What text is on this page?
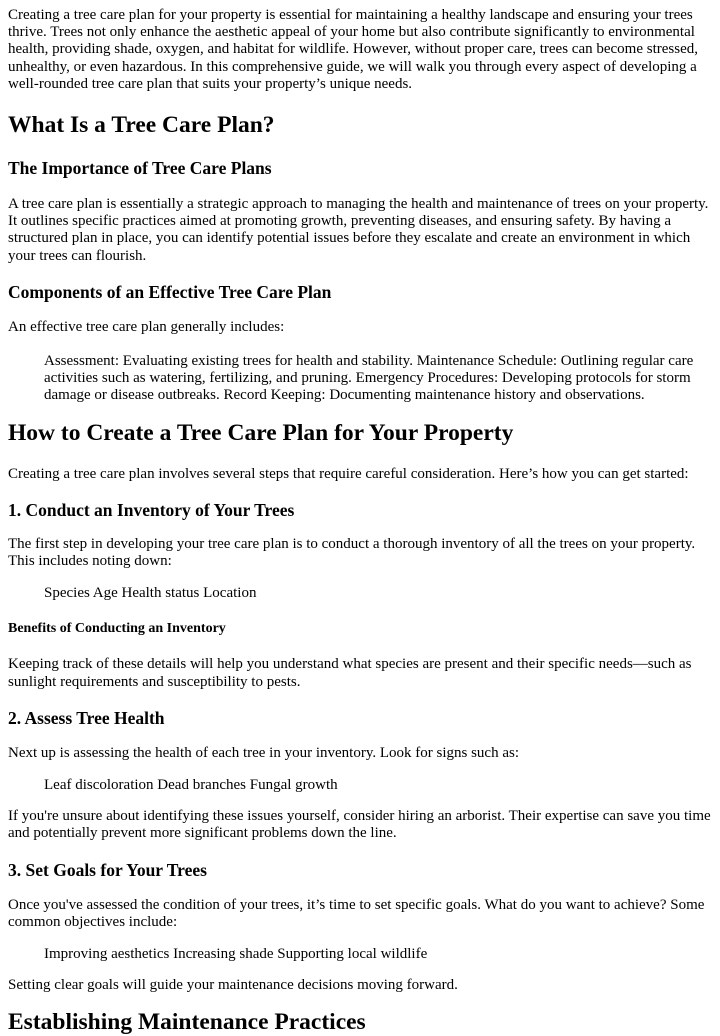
Creating a tree care plan for your property is essential for maintaining a healthy landscape and ensuring your trees thrive. Trees not only enhance the aesthetic appeal of your home but also contribute significantly to environmental health, providing shade, oxygen, and habitat for wildlife. However, without proper care, trees can become stressed, unhealthy, or even hazardous. In this comprehensive guide, we will walk you through every aspect of developing a well-rounded tree care plan that suits your property’s unique needs.

What Is a Tree Care Plan?
The Importance of Tree Care Plans

A tree care plan is essentially a strategic approach to managing the health and maintenance of trees on your property. It outlines specific practices aimed at promoting growth, preventing diseases, and ensuring safety. By having a structured plan in place, you can identify potential issues before they escalate and create an environment in which your trees can flourish.

Components of an Effective Tree Care Plan

An effective tree care plan generally includes:

Assessment: Evaluating existing trees for health and stability. Maintenance Schedule: Outlining regular care activities such as watering, fertilizing, and pruning. Emergency Procedures: Developing protocols for storm damage or disease outbreaks. Record Keeping: Documenting maintenance history and observations.
How to Create a Tree Care Plan for Your Property

Creating a tree care plan involves several steps that require careful consideration. Here’s how you can get started:

1. Conduct an Inventory of Your Trees

The first step in developing your tree care plan is to conduct a thorough inventory of all the trees on your property. This includes noting down:

Species Age Health status Location
Benefits of Conducting an Inventory

Keeping track of these details will help you understand what species are present and their specific needs—such as sunlight requirements and susceptibility to pests.

2. Assess Tree Health

Next up is assessing the health of each tree in your inventory. Look for signs such as:

Leaf discoloration Dead branches Fungal growth

If you're unsure about identifying these issues yourself, consider hiring an arborist. Their expertise can save you time and potentially prevent more significant problems down the line.

3. Set Goals for Your Trees

Once you've assessed the condition of your trees, it’s time to set specific goals. What do you want to achieve? Some common objectives include:

Improving aesthetics Increasing shade Supporting local wildlife

Setting clear goals will guide your maintenance decisions moving forward.

Establishing Maintenance Practices
